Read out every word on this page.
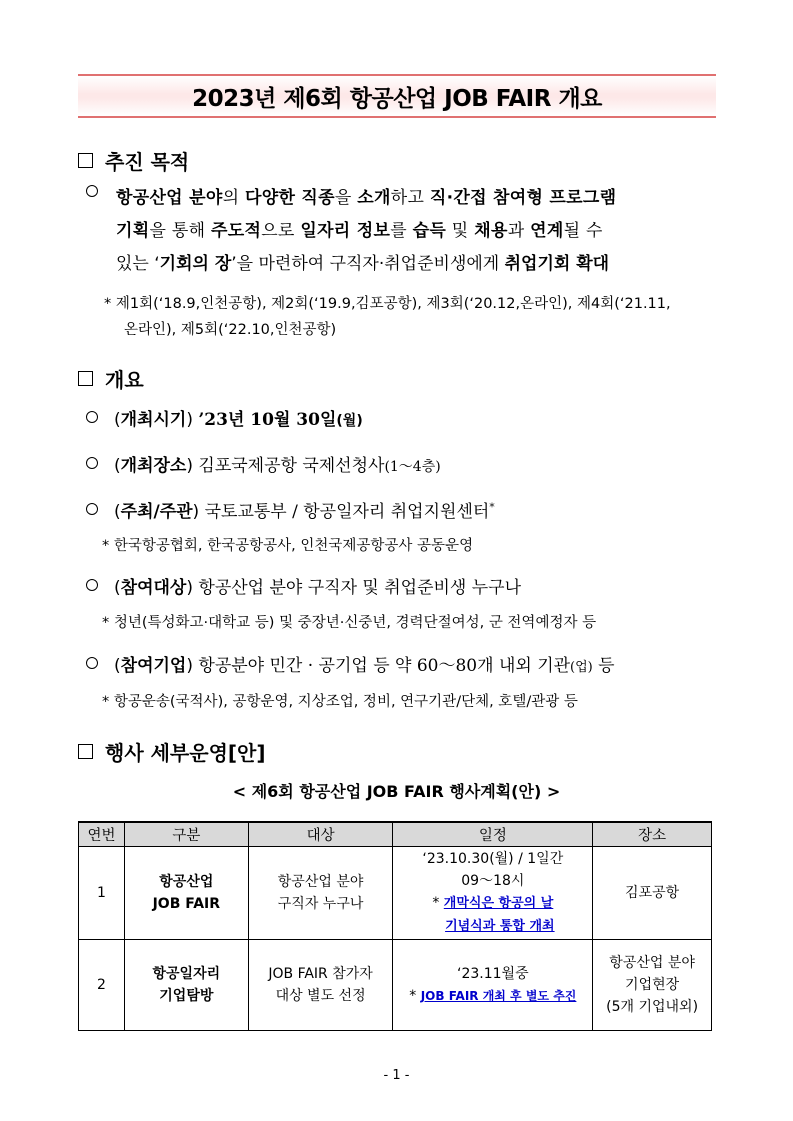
2023년 제6회 항공산업 JOB FAIR 개요
추진 목적
항공산업 분야의 다양한 직종을 소개하고 직·간접 참여형 프로그램
기획을 통해 주도적으로 일자리 정보를 습득 및 채용과 연계될 수
있는 ‘기회의 장’을 마련하여 구직자·취업준비생에게 취업기회 확대
* 제1회(‘18.9,인천공항), 제2회(‘19.9,김포공항), 제3회(‘20.12,온라인), 제4회(‘21.11,
온라인), 제5회(‘22.10,인천공항)
개요
(개최시기) ’23년 10월 30일(월)
(개최장소) 김포국제공항 국제선청사(1～4층)
(주최/주관) 국토교통부 / 항공일자리 취업지원센터*
* 한국항공협회, 한국공항공사, 인천국제공항공사 공동운영
(참여대상) 항공산업 분야 구직자 및 취업준비생 누구나
* 청년(특성화고·대학교 등) 및 중장년·신중년, 경력단절여성, 군 전역예정자 등
(참여기업) 항공분야 민간 · 공기업 등 약 60～80개 내외 기관(업) 등
* 항공운송(국적사), 공항운영, 지상조업, 정비, 연구기관/단체, 호텔/관광 등
행사 세부운영[안]
< 제6회 항공산업 JOB FAIR 행사계획(안) >
연번	구분	대상	일정	장소
1	항공산업
JOB FAIR	항공산업 분야
구직자 누구나	‘23.10.30(월) / 1일간
09～18시
* 개막식은 항공의 날
기념식과 통합 개최	김포공항
2	항공일자리
기업탐방	JOB FAIR 참가자
대상 별도 선정	‘23.11월중
* JOB FAIR 개최 후 별도 추진	항공산업 분야
기업현장
(5개 기업내외)
- 1 -
